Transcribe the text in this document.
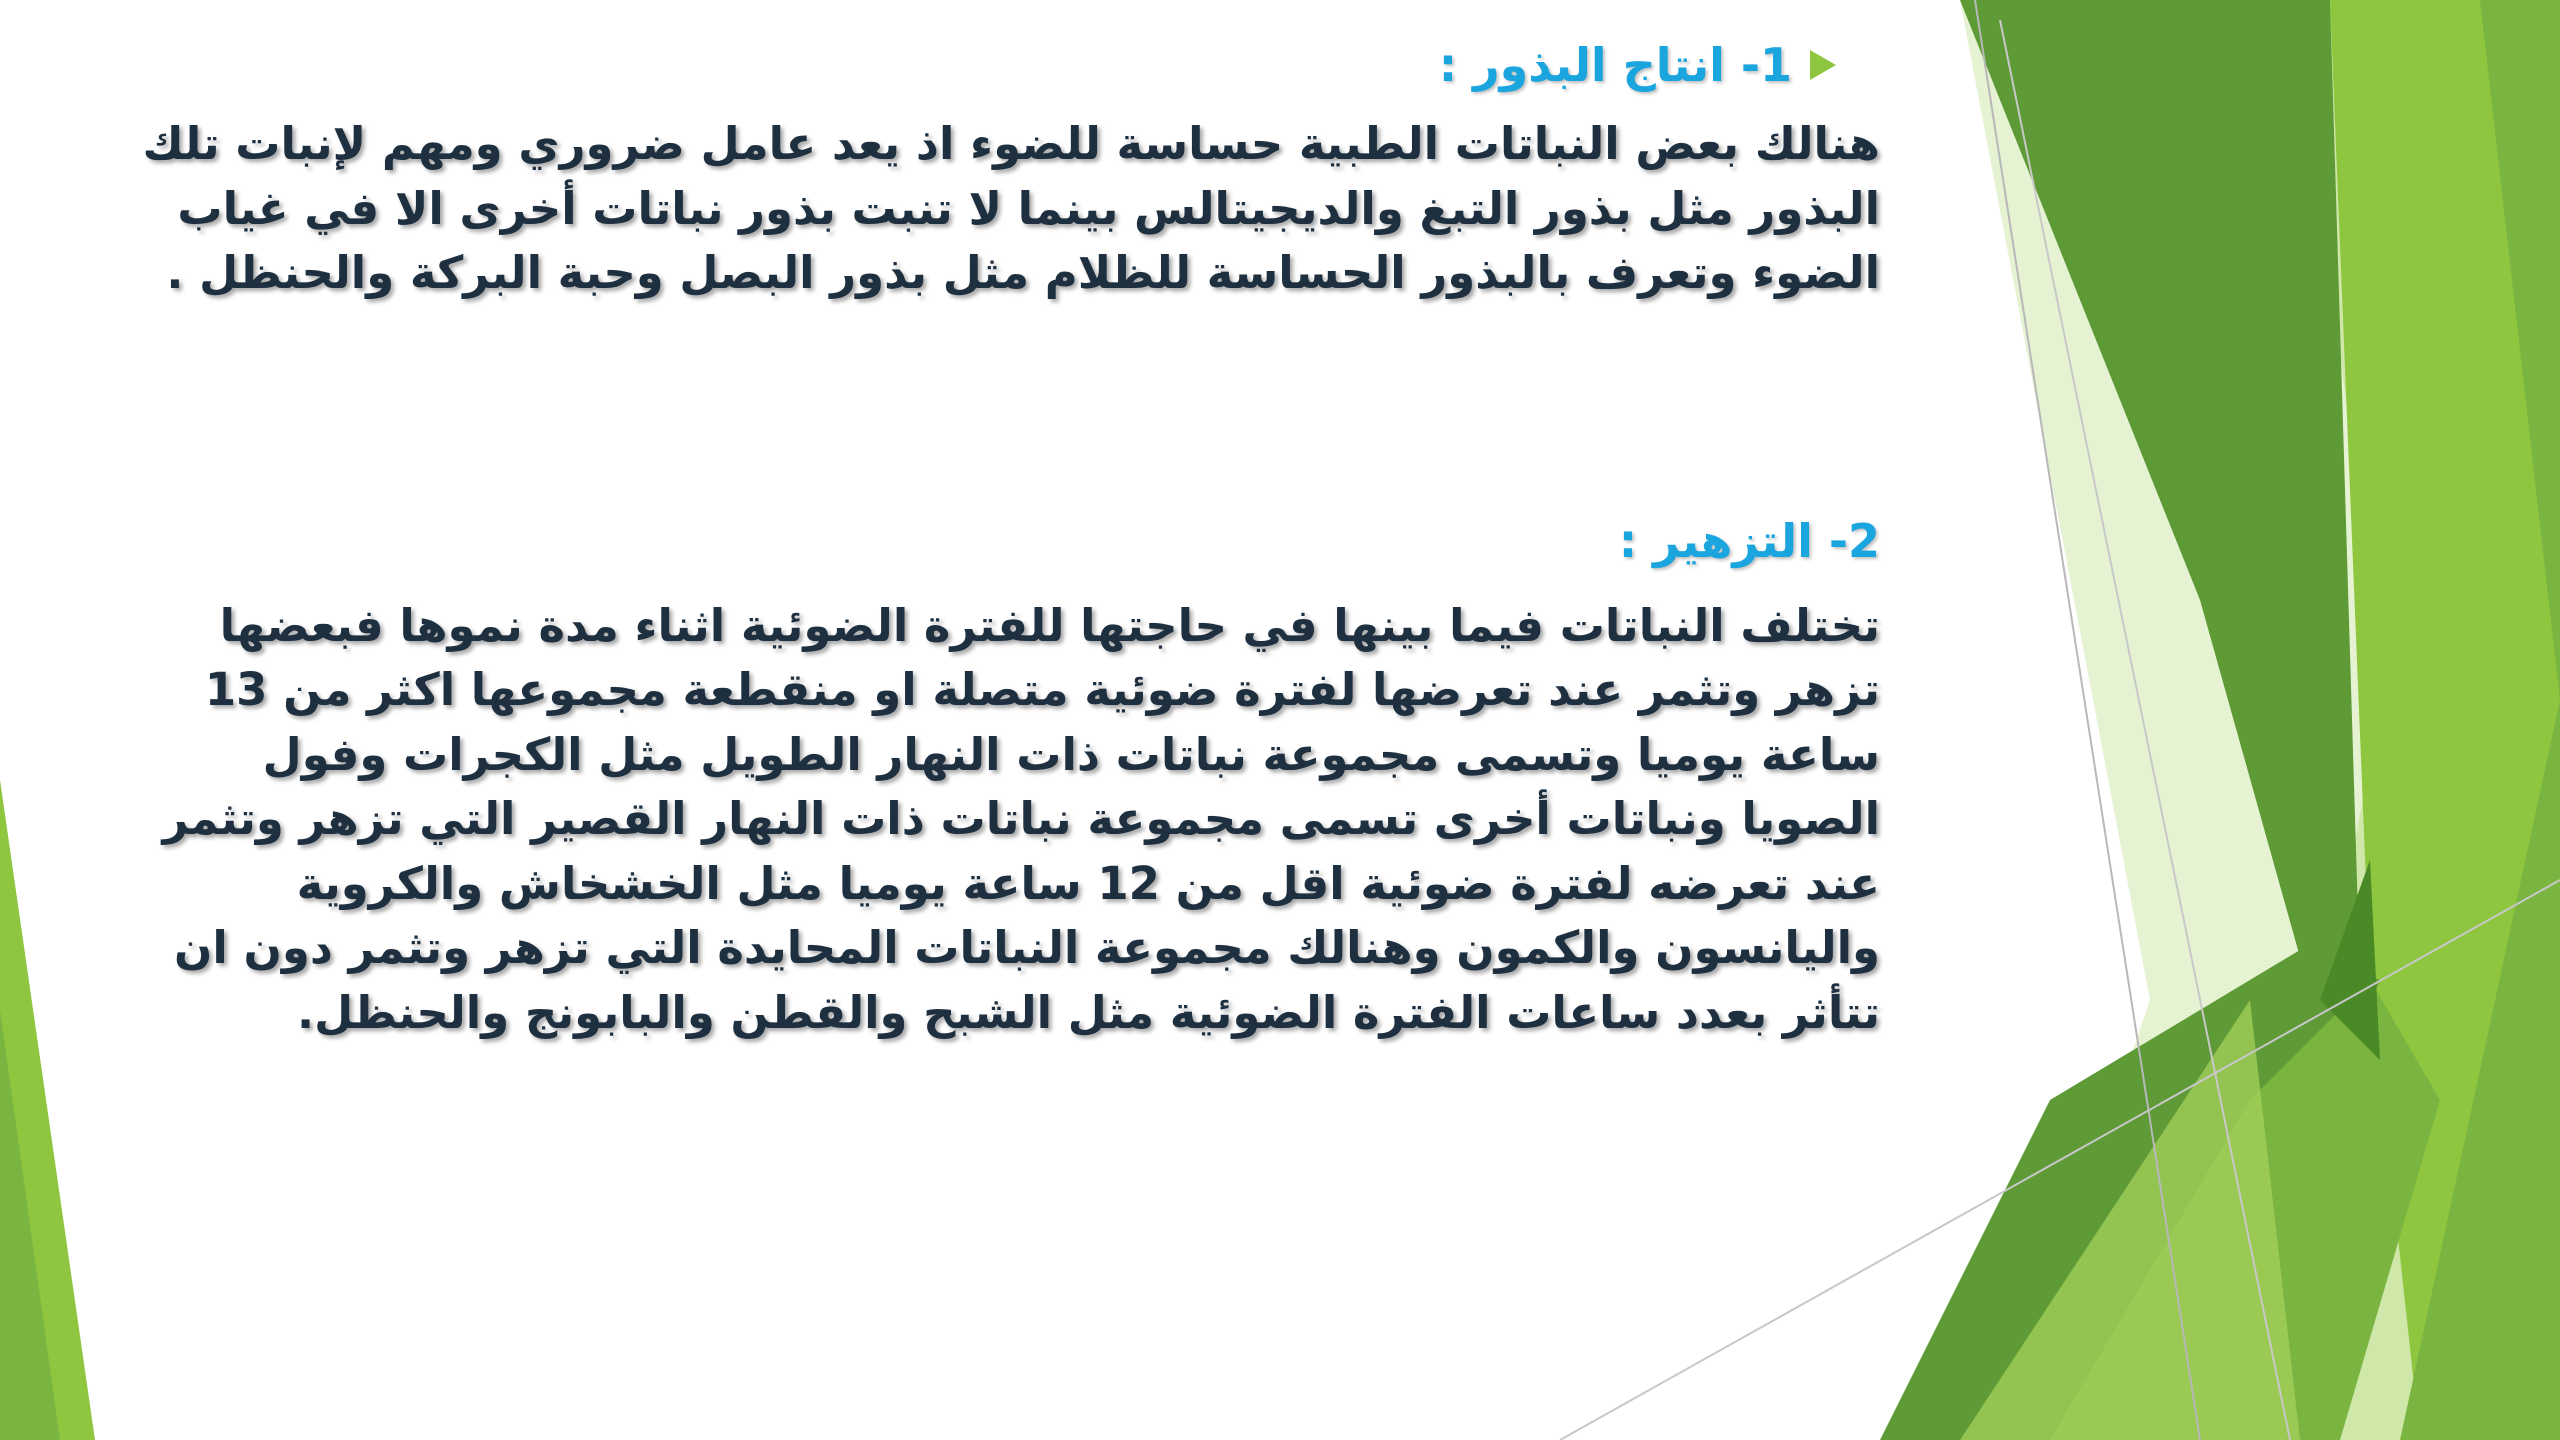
1- انتاج البذور :

هنالك بعض النباتات الطبية حساسة للضوء اذ يعد عامل ضروري ومهم لإنبات تلك البذور مثل بذور التبغ والديجيتالس بينما لا تنبت بذور نباتات أخرى الا في غياب الضوء وتعرف بالبذور الحساسة للظلام مثل بذور البصل وحبة البركة والحنظل .

2- التزهير :

تختلف النباتات فيما بينها في حاجتها للفترة الضوئية اثناء مدة نموها فبعضها تزهر وتثمر عند تعرضها لفترة ضوئية متصلة او منقطعة مجموعها اكثر من 13 ساعة يوميا وتسمى مجموعة نباتات ذات النهار الطويل مثل الكجرات وفول الصويا ونباتات أخرى تسمى مجموعة نباتات ذات النهار القصير التي تزهر وتثمر عند تعرضه لفترة ضوئية اقل من 12 ساعة يوميا مثل الخشخاش والكروية واليانسون والكمون وهنالك مجموعة النباتات المحايدة التي تزهر وتثمر دون ان تتأثر بعدد ساعات الفترة الضوئية مثل الشبح والقطن والبابونج والحنظل.
